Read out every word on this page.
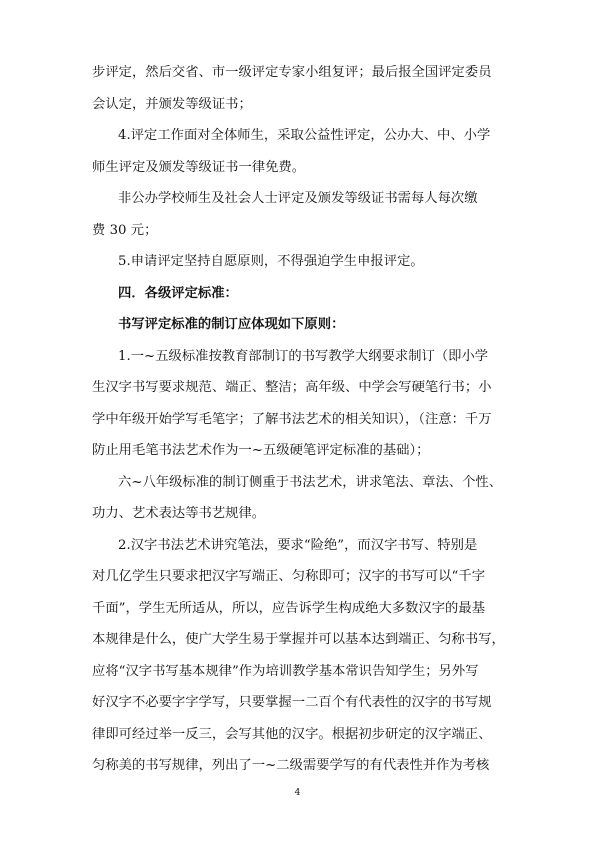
步评定，然后交省、市一级评定专家小组复评；最后报全国评定委员
会认定，并颁发等级证书；
4.评定工作面对全体师生，采取公益性评定，公办大、中、小学
师生评定及颁发等级证书一律免费。
非公办学校师生及社会人士评定及颁发等级证书需每人每次缴
费 30 元；
5.申请评定坚持自愿原则，不得强迫学生申报评定。
四．各级评定标准：
书写评定标准的制订应体现如下原则：
1.一~五级标准按教育部制订的书写教学大纲要求制订（即小学
生汉字书写要求规范、端正、整洁；高年级、中学会写硬笔行书；小
学中年级开始学写毛笔字；了解书法艺术的相关知识），（注意：千万
防止用毛笔书法艺术作为一~五级硬笔评定标准的基础）；
六~八年级标准的制订侧重于书法艺术，讲求笔法、章法、个性、
功力、艺术表达等书艺规律。
2.汉字书法艺术讲究笔法，要求“险绝”，而汉字书写、特别是
对几亿学生只要求把汉字写端正、匀称即可；汉字的书写可以“千字
千面”，学生无所适从，所以，应告诉学生构成绝大多数汉字的最基
本规律是什么，使广大学生易于掌握并可以基本达到端正、匀称书写，
应将“汉字书写基本规律”作为培训教学基本常识告知学生；另外写
好汉字不必要字字学写，只要掌握一二百个有代表性的汉字的书写规
律即可经过举一反三，会写其他的汉字。根据初步研定的汉字端正、
匀称美的书写规律，列出了一~二级需要学写的有代表性并作为考核
4
